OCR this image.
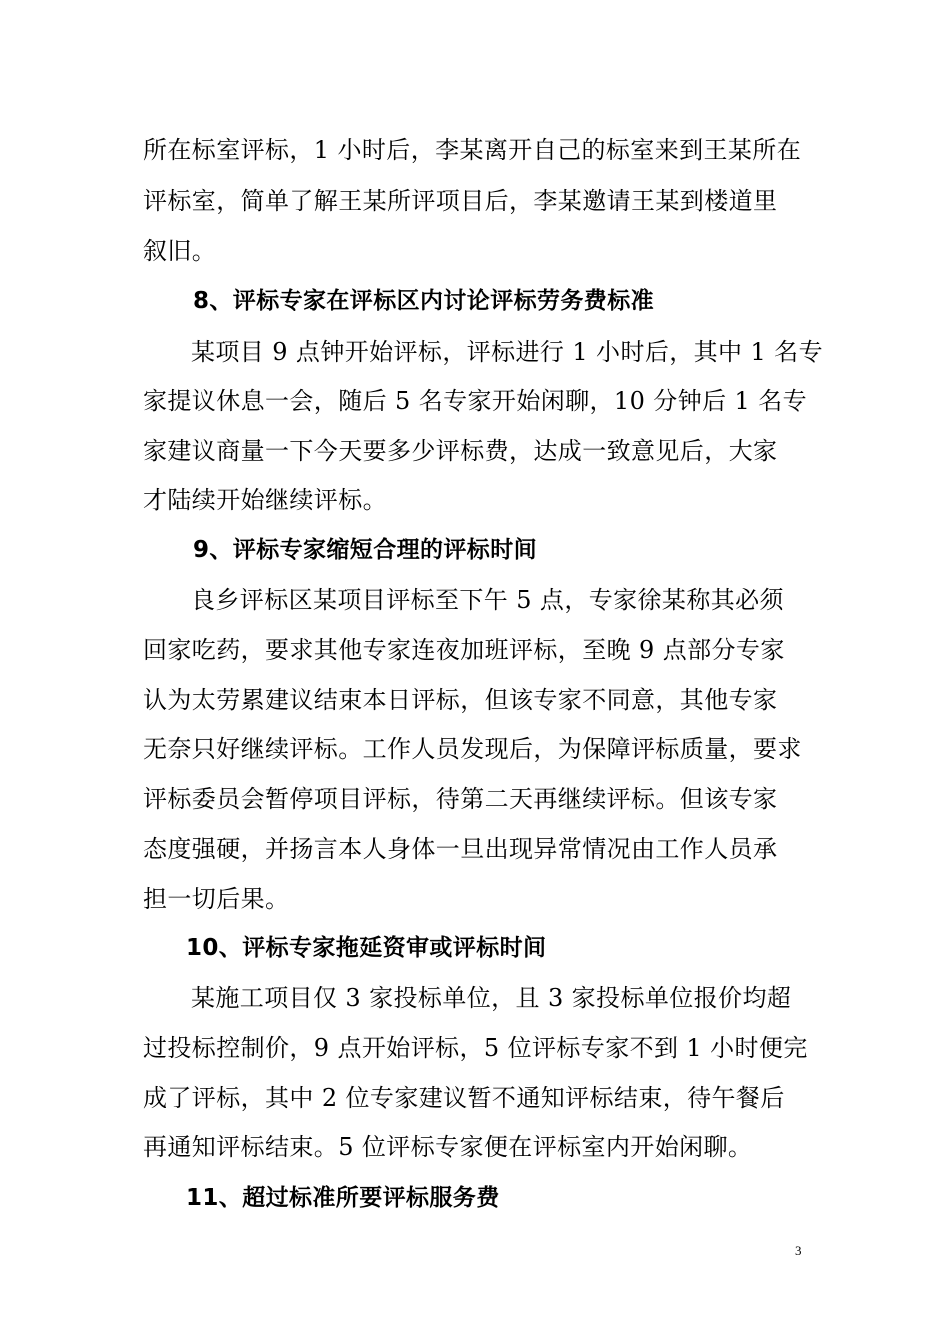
所在标室评标，1 小时后，李某离开自己的标室来到王某所在
评标室，简单了解王某所评项目后，李某邀请王某到楼道里
叙旧。
8、评标专家在评标区内讨论评标劳务费标准
某项目 9 点钟开始评标，评标进行 1 小时后，其中 1 名专
家提议休息一会，随后 5 名专家开始闲聊，10 分钟后 1 名专
家建议商量一下今天要多少评标费，达成一致意见后，大家
才陆续开始继续评标。
9、评标专家缩短合理的评标时间
良乡评标区某项目评标至下午 5 点，专家徐某称其必须
回家吃药，要求其他专家连夜加班评标，至晚 9 点部分专家
认为太劳累建议结束本日评标，但该专家不同意，其他专家
无奈只好继续评标。工作人员发现后，为保障评标质量，要求
评标委员会暂停项目评标，待第二天再继续评标。但该专家
态度强硬，并扬言本人身体一旦出现异常情况由工作人员承
担一切后果。
10、评标专家拖延资审或评标时间
某施工项目仅 3 家投标单位，且 3 家投标单位报价均超
过投标控制价，9 点开始评标，5 位评标专家不到 1 小时便完
成了评标，其中 2 位专家建议暂不通知评标结束，待午餐后
再通知评标结束。5 位评标专家便在评标室内开始闲聊。
11、超过标准所要评标服务费
3
